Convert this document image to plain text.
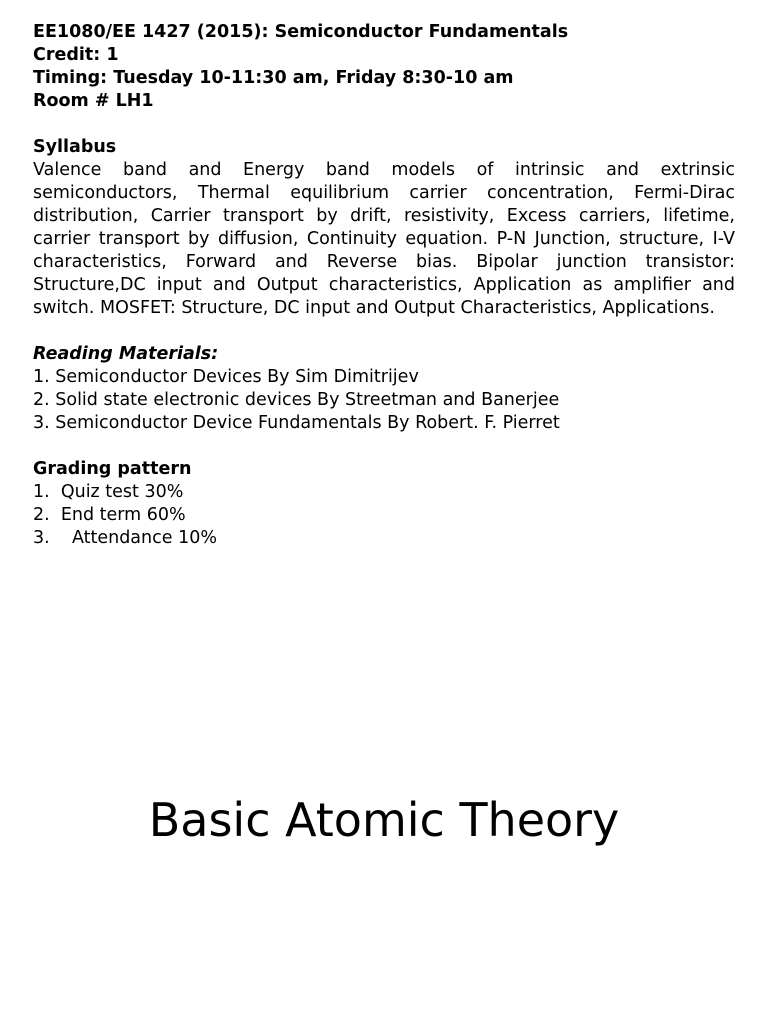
EE1080/EE 1427 (2015): Semiconductor Fundamentals
Credit: 1
Timing: Tuesday 10-11:30 am, Friday 8:30-10 am
Room # LH1
Syllabus
Valence band and Energy band models of intrinsic and extrinsic semiconductors, Thermal equilibrium carrier concentration, Fermi-Dirac distribution, Carrier transport by drift, resistivity, Excess carriers, lifetime, carrier transport by diffusion, Continuity equation. P-N Junction, structure, I-V characteristics, Forward and Reverse bias. Bipolar junction transistor: Structure,DC input and Output characteristics, Application as amplifier and switch. MOSFET: Structure, DC input and Output Characteristics, Applications.
Reading Materials:
1. Semiconductor Devices By Sim Dimitrijev
2. Solid state electronic devices By Streetman and Banerjee
3. Semiconductor Device Fundamentals By Robert. F. Pierret
Grading pattern
1.  Quiz test 30%
2.  End term 60%
3.    Attendance 10%
Basic Atomic Theory
